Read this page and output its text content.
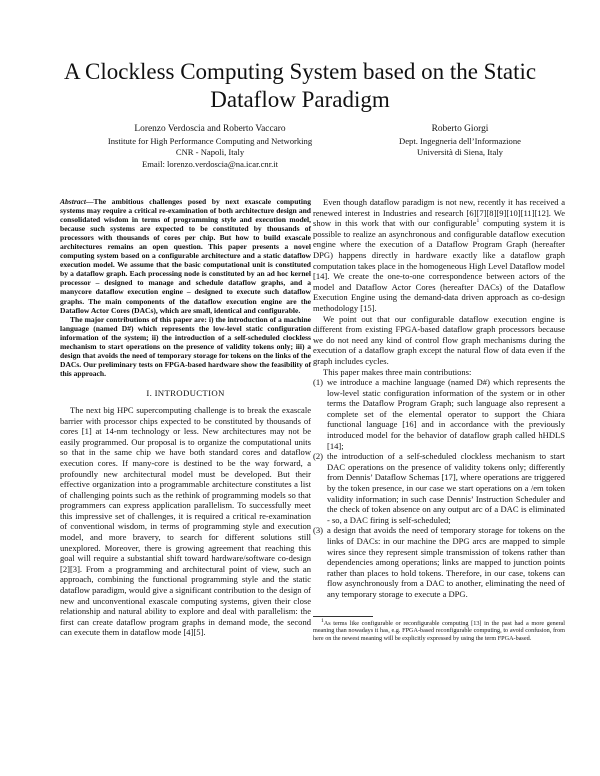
A Clockless Computing System based on the Static
Dataflow Paradigm
Lorenzo Verdoscia and Roberto Vaccaro
Institute for High Performance Computing and Networking
CNR - Napoli, Italy
Email: lorenzo.verdoscia@na.icar.cnr.it
Roberto Giorgi
Dept. Ingegneria dell’Informazione
Università di Siena, Italy

Abstract—The ambitious challenges posed by next exascale computing systems may require a critical re-examination of both architecture design and consolidated wisdom in terms of programming style and execution model, because such systems are expected to be constituted by thousands of processors with thousands of cores per chip. But how to build exascale architectures remains an open question. This paper presents a novel computing system based on a configurable architecture and a static dataflow execution model. We assume that the basic computational unit is constituted by a dataflow graph. Each processing node is constituted by an ad hoc kernel processor – designed to manage and schedule dataflow graphs, and a manycore dataflow execution engine – designed to execute such dataflow graphs. The main components of the dataflow execution engine are the Dataflow Actor Cores (DACs), which are small, identical and configurable.

The major contributions of this paper are: i) the introduction of a machine language (named D#) which represents the low-level static configuration information of the system; ii) the introduction of a self-scheduled clockless mechanism to start operations on the presence of validity tokens only; iii) a design that avoids the need of temporary storage for tokens on the links of the DACs. Our preliminary tests on FPGA-based hardware show the feasibility of this approach.

I. INTRODUCTION

The next big HPC supercomputing challenge is to break the exascale barrier with processor chips expected to be constituted by thousands of cores [1] at 14-nm technology or less. New architectures may not be easily programmed. Our proposal is to organize the computational units so that in the same chip we have both standard cores and dataflow execution cores. If many-core is destined to be the way forward, a profoundly new architectural model must be developed. But their effective organization into a programmable architecture constitutes a list of challenging points such as the rethink of programming models so that programmers can express application parallelism. To successfully meet this impressive set of challenges, it is required a critical re-examination of conventional wisdom, in terms of programming style and execution model, and more bravery, to search for different solutions still unexplored. Moreover, there is growing agreement that reaching this goal will require a substantial shift toward hardware/software co-design [2][3]. From a programming and architectural point of view, such an approach, combining the functional programming style and the static dataflow paradigm, would give a significant contribution to the design of new and unconventional exascale computing systems, given their close relationship and natural ability to explore and deal with parallelism: the first can create dataflow program graphs in demand mode, the second can execute them in dataflow mode [4][5].

Even though dataflow paradigm is not new, recently it has received a renewed interest in Industries and research [6][7][8][9][10][11][12]. We show in this work that with our configurable$^1$ computing system it is possible to realize an asynchronous and configurable dataflow execution engine where the execution of a Dataflow Program Graph (hereafter DPG) happens directly in hardware exactly like a dataflow graph computation takes place in the homogeneous High Level Dataflow model [14]. We create the one-to-one correspondence between actors of the model and Dataflow Actor Cores (hereafter DACs) of the Dataflow Execution Engine using the demand-data driven approach as co-design methodology [15].

We point out that our configurable dataflow execution engine is different from existing FPGA-based dataflow graph processors because we do not need any kind of control flow graph mechanisms during the execution of a dataflow graph except the natural flow of data even if the graph includes cycles.

This paper makes three main contributions:

(1) we introduce a machine language (named D#) which represents the low-level static configuration information of the system or in other terms the Dataflow Program Graph; such language also represent a complete set of the elemental operator to support the Chiara functional language [16] and in accordance with the previously introduced model for the behavior of dataflow graph called hHDLS [14];
(2) the introduction of a self-scheduled clockless mechanism to start DAC operations on the presence of validity tokens only; differently from Dennis’ Dataflow Schemas [17], where operations are triggered by the token presence, in our case we start operations on a /em token validity information; in such case Dennis’ Instruction Scheduler and the check of token absence on any output arc of a DAC is eliminated - so, a DAC firing is self-scheduled;
(3) a design that avoids the need of temporary storage for tokens on the links of DACs: in our machine the DPG arcs are mapped to simple wires since they represent simple transmission of tokens rather than dependencies among operations; links are mapped to junction points rather than places to hold tokens. Therefore, in our case, tokens can flow asynchronously from a DAC to another, eliminating the need of any temporary storage to execute a DPG.

1As terms like configurable or reconfigurable computing [13] in the past had a more general meaning than nowadays it has, e.g. FPGA-based reconfigurable computing, to avoid confusion, from here on the newest meaning will be explicitly expressed by using the term FPGA-based.
